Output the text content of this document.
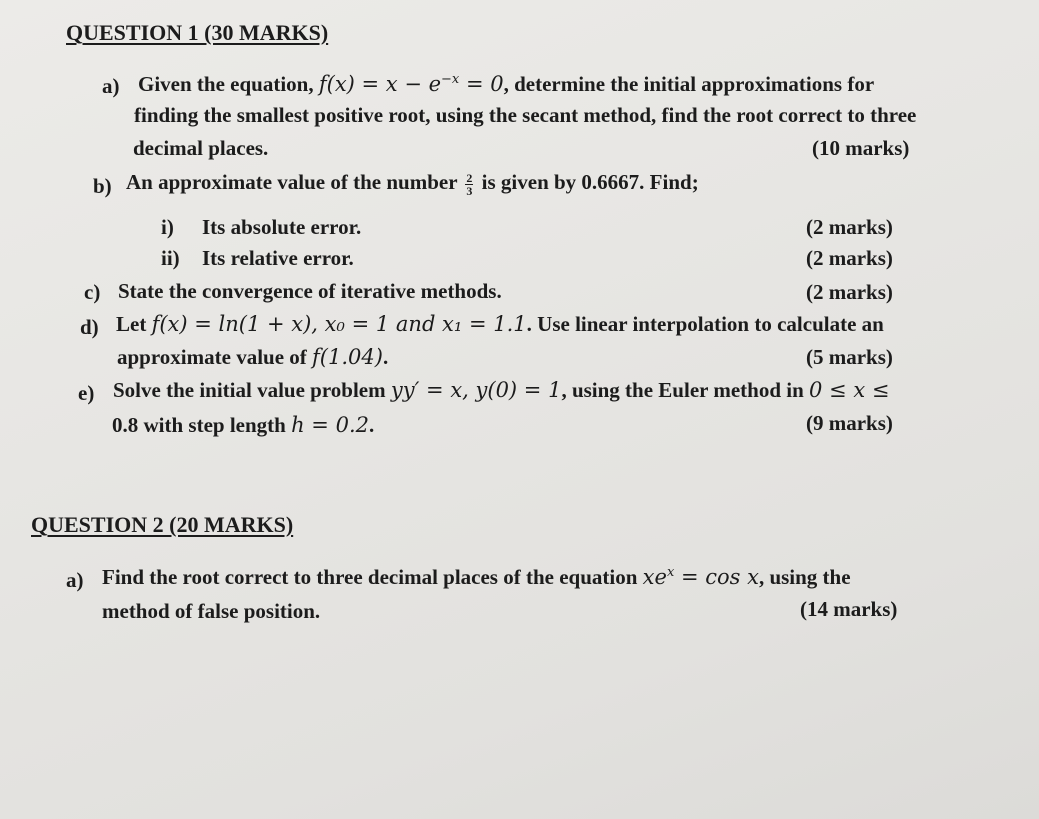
QUESTION 1 (30 MARKS)
a) Given the equation, $f(x) = x - e^{-x} = 0$, determine the initial approximations for
finding the smallest positive root, using the secant method, find the root correct to three
decimal places.	(10 marks)
b) An approximate value of the number $\frac{2}{3}$ is given by 0.6667. Find;
i) Its absolute error.	(2 marks)
ii) Its relative error.	(2 marks)
c) State the convergence of iterative methods.	(2 marks)
d) Let f(x) = ln(1 + x), x₀ = 1 and x₁ = 1.1. Use linear interpolation to calculate an
approximate value of f(1.04).	(5 marks)
e) Solve the initial value problem yy′ = x, y(0) = 1, using the Euler method in 0 ≤ x ≤
0.8 with step length h = 0.2.	(9 marks)
QUESTION 2 (20 MARKS)
a) Find the root correct to three decimal places of the equation $xe^x = \cos x$, using the
method of false position.	(14 marks)
